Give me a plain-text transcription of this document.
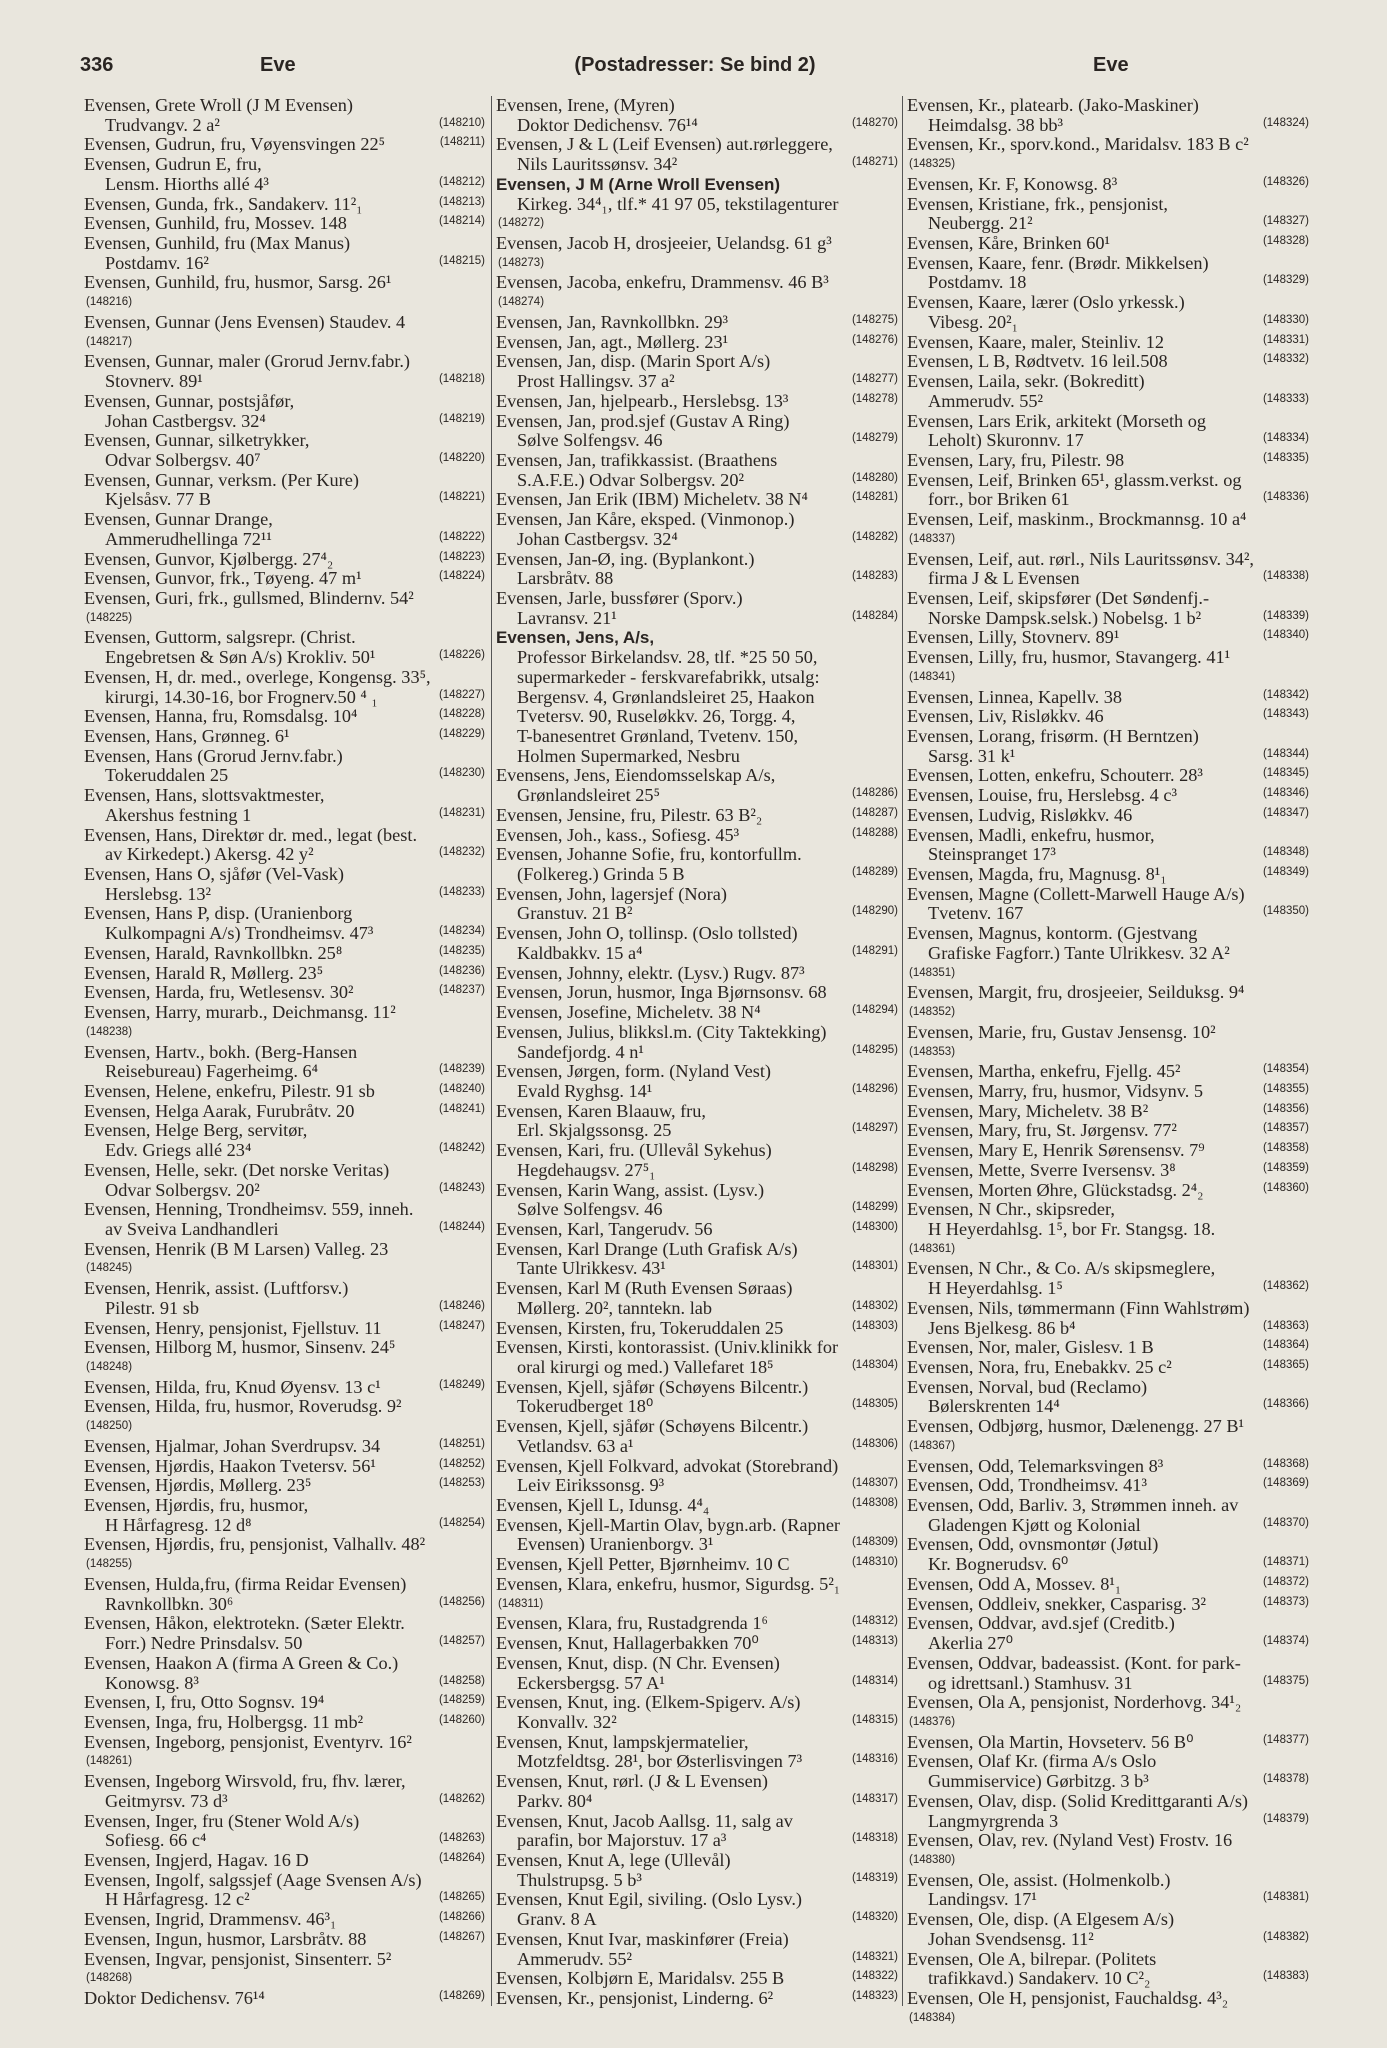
336	Eve	(Postadresser: Se bind 2)	Eve
Evensen, Grete Wroll (J M Evensen)
Trudvangv. 2 a²	(148210)
Evensen, Gudrun, fru, Vøyensvingen 22⁵	(148211)
Evensen, Gudrun E, fru,
Lensm. Hiorths allé 4³	(148212)
Evensen, Gunda, frk., Sandakerv. 11²₁	(148213)
Evensen, Gunhild, fru, Mossev. 148	(148214)
Evensen, Gunhild, fru (Max Manus)
Postdamv. 16²	(148215)
Evensen, Gunhild, fru, husmor, Sarsg. 26¹
(148216)
Evensen, Gunnar (Jens Evensen) Staudev. 4
(148217)
Evensen, Gunnar, maler (Grorud Jernv.fabr.)
Stovnerv. 89¹	(148218)
Evensen, Gunnar, postsjåfør,
Johan Castbergsv. 32⁴	(148219)
Evensen, Gunnar, silketrykker,
Odvar Solbergsv. 40⁷	(148220)
Evensen, Gunnar, verksm. (Per Kure)
Kjelsåsv. 77 B	(148221)
Evensen, Gunnar Drange,
Ammerudhellinga 72¹¹	(148222)
Evensen, Gunvor, Kjølbergg. 27⁴₂	(148223)
Evensen, Gunvor, frk., Tøyeng. 47 m¹	(148224)
Evensen, Guri, frk., gullsmed, Blindernv. 54²
(148225)
Evensen, Guttorm, salgsrepr. (Christ.
Engebretsen & Søn A/s) Krokliv. 50¹	(148226)
Evensen, H, dr. med., overlege, Kongensg. 33⁵,
kirurgi, 14.30-16, bor Frognerv.50 ⁴ ₁	(148227)
Evensen, Hanna, fru, Romsdalsg. 10⁴	(148228)
Evensen, Hans, Grønneg. 6¹	(148229)
Evensen, Hans (Grorud Jernv.fabr.)
Tokeruddalen 25	(148230)
Evensen, Hans, slottsvaktmester,
Akershus festning 1	(148231)
Evensen, Hans, Direktør dr. med., legat (best.
av Kirkedept.) Akersg. 42 y²	(148232)
Evensen, Hans O, sjåfør (Vel-Vask)
Herslebsg. 13²	(148233)
Evensen, Hans P, disp. (Uranienborg
Kulkompagni A/s) Trondheimsv. 47³	(148234)
Evensen, Harald, Ravnkollbkn. 25⁸	(148235)
Evensen, Harald R, Møllerg. 23⁵	(148236)
Evensen, Harda, fru, Wetlesensv. 30²	(148237)
Evensen, Harry, murarb., Deichmansg. 11²
(148238)
Evensen, Hartv., bokh. (Berg-Hansen
Reisebureau) Fagerheimg. 6⁴	(148239)
Evensen, Helene, enkefru, Pilestr. 91 sb	(148240)
Evensen, Helga Aarak, Furubråtv. 20	(148241)
Evensen, Helge Berg, servitør,
Edv. Griegs allé 23⁴	(148242)
Evensen, Helle, sekr. (Det norske Veritas)
Odvar Solbergsv. 20²	(148243)
Evensen, Henning, Trondheimsv. 559, inneh.
av Sveiva Landhandleri	(148244)
Evensen, Henrik (B M Larsen) Valleg. 23
(148245)
Evensen, Henrik, assist. (Luftforsv.)
Pilestr. 91 sb	(148246)
Evensen, Henry, pensjonist, Fjellstuv. 11	(148247)
Evensen, Hilborg M, husmor, Sinsenv. 24⁵
(148248)
Evensen, Hilda, fru, Knud Øyensv. 13 c¹	(148249)
Evensen, Hilda, fru, husmor, Roverudsg. 9²
(148250)
Evensen, Hjalmar, Johan Sverdrupsv. 34	(148251)
Evensen, Hjørdis, Haakon Tvetersv. 56¹	(148252)
Evensen, Hjørdis, Møllerg. 23⁵	(148253)
Evensen, Hjørdis, fru, husmor,
H Hårfagresg. 12 d⁸	(148254)
Evensen, Hjørdis, fru, pensjonist, Valhallv. 48²
(148255)
Evensen, Hulda,fru, (firma Reidar Evensen)
Ravnkollbkn. 30⁶	(148256)
Evensen, Håkon, elektrotekn. (Sæter Elektr.
Forr.) Nedre Prinsdalsv. 50	(148257)
Evensen, Haakon A (firma A Green & Co.)
Konowsg. 8³	(148258)
Evensen, I, fru, Otto Sognsv. 19⁴	(148259)
Evensen, Inga, fru, Holbergsg. 11 mb²	(148260)
Evensen, Ingeborg, pensjonist, Eventyrv. 16²
(148261)
Evensen, Ingeborg Wirsvold, fru, fhv. lærer,
Geitmyrsv. 73 d³	(148262)
Evensen, Inger, fru (Stener Wold A/s)
Sofiesg. 66 c⁴	(148263)
Evensen, Ingjerd, Hagav. 16 D	(148264)
Evensen, Ingolf, salgssjef (Aage Svensen A/s)
H Hårfagresg. 12 c²	(148265)
Evensen, Ingrid, Drammensv. 46³₁	(148266)
Evensen, Ingun, husmor, Larsbråtv. 88	(148267)
Evensen, Ingvar, pensjonist, Sinsenterr. 5²
(148268)
Doktor Dedichensv. 76¹⁴	(148269)
Evensen, Irene, (Myren)
Doktor Dedichensv. 76¹⁴	(148270)
Evensen, J & L (Leif Evensen) aut.rørleggere,
Nils Lauritssønsv. 34²	(148271)
Evensen, J M (Arne Wroll Evensen)
Kirkeg. 34⁴₁, tlf.* 41 97 05, tekstilagenturer
(148272)
Evensen, Jacob H, drosjeeier, Uelandsg. 61 g³
(148273)
Evensen, Jacoba, enkefru, Drammensv. 46 B³
(148274)
Evensen, Jan, Ravnkollbkn. 29³	(148275)
Evensen, Jan, agt., Møllerg. 23¹	(148276)
Evensen, Jan, disp. (Marin Sport A/s)
Prost Hallingsv. 37 a²	(148277)
Evensen, Jan, hjelpearb., Herslebsg. 13³	(148278)
Evensen, Jan, prod.sjef (Gustav A Ring)
Sølve Solfengsv. 46	(148279)
Evensen, Jan, trafikkassist. (Braathens
S.A.F.E.) Odvar Solbergsv. 20²	(148280)
Evensen, Jan Erik (IBM) Micheletv. 38 N⁴	(148281)
Evensen, Jan Kåre, eksped. (Vinmonop.)
Johan Castbergsv. 32⁴	(148282)
Evensen, Jan-Ø, ing. (Byplankont.)
Larsbråtv. 88	(148283)
Evensen, Jarle, bussfører (Sporv.)
Lavransv. 21¹	(148284)
Evensen, Jens, A/s,
Professor Birkelandsv. 28, tlf. *25 50 50,
supermarkeder - ferskvarefabrikk, utsalg:
Bergensv. 4, Grønlandsleiret 25, Haakon
Tvetersv. 90, Ruseløkkv. 26, Torgg. 4,
T-banesentret Grønland, Tvetenv. 150,
Holmen Supermarked, Nesbru
Evensens, Jens, Eiendomsselskap A/s,
Grønlandsleiret 25⁵	(148286)
Evensen, Jensine, fru, Pilestr. 63 B²₂	(148287)
Evensen, Joh., kass., Sofiesg. 45³	(148288)
Evensen, Johanne Sofie, fru, kontorfullm.
(Folkereg.) Grinda 5 B	(148289)
Evensen, John, lagersjef (Nora)
Granstuv. 21 B²	(148290)
Evensen, John O, tollinsp. (Oslo tollsted)
Kaldbakkv. 15 a⁴	(148291)
Evensen, Johnny, elektr. (Lysv.) Rugv. 87³
Evensen, Jorun, husmor, Inga Bjørnsonsv. 68
Evensen, Josefine, Micheletv. 38 N⁴	(148294)
Evensen, Julius, blikksl.m. (City Taktekking)
Sandefjordg. 4 n¹	(148295)
Evensen, Jørgen, form. (Nyland Vest)
Evald Ryghsg. 14¹	(148296)
Evensen, Karen Blaauw, fru,
Erl. Skjalgssonsg. 25	(148297)
Evensen, Kari, fru. (Ullevål Sykehus)
Hegdehaugsv. 27⁵₁	(148298)
Evensen, Karin Wang, assist. (Lysv.)
Sølve Solfengsv. 46	(148299)
Evensen, Karl, Tangerudv. 56	(148300)
Evensen, Karl Drange (Luth Grafisk A/s)
Tante Ulrikkesv. 43¹	(148301)
Evensen, Karl M (Ruth Evensen Søraas)
Møllerg. 20², tanntekn. lab	(148302)
Evensen, Kirsten, fru, Tokeruddalen 25	(148303)
Evensen, Kirsti, kontorassist. (Univ.klinikk for
oral kirurgi og med.) Vallefaret 18⁵	(148304)
Evensen, Kjell, sjåfør (Schøyens Bilcentr.)
Tokerudberget 18⁰	(148305)
Evensen, Kjell, sjåfør (Schøyens Bilcentr.)
Vetlandsv. 63 a¹	(148306)
Evensen, Kjell Folkvard, advokat (Storebrand)
Leiv Eirikssonsg. 9³	(148307)
Evensen, Kjell L, Idunsg. 4⁴₄	(148308)
Evensen, Kjell-Martin Olav, bygn.arb. (Rapner
Evensen) Uranienborgv. 3¹	(148309)
Evensen, Kjell Petter, Bjørnheimv. 10 C	(148310)
Evensen, Klara, enkefru, husmor, Sigurdsg. 5²₁
(148311)
Evensen, Klara, fru, Rustadgrenda 1⁶	(148312)
Evensen, Knut, Hallagerbakken 70⁰	(148313)
Evensen, Knut, disp. (N Chr. Evensen)
Eckersbergsg. 57 A¹	(148314)
Evensen, Knut, ing. (Elkem-Spigerv. A/s)
Konvallv. 32²	(148315)
Evensen, Knut, lampskjermatelier,
Motzfeldtsg. 28¹, bor Østerlisvingen 7³	(148316)
Evensen, Knut, rørl. (J & L Evensen)
Parkv. 80⁴	(148317)
Evensen, Knut, Jacob Aallsg. 11, salg av
parafin, bor Majorstuv. 17 a³	(148318)
Evensen, Knut A, lege (Ullevål)
Thulstrupsg. 5 b³	(148319)
Evensen, Knut Egil, siviling. (Oslo Lysv.)
Granv. 8 A	(148320)
Evensen, Knut Ivar, maskinfører (Freia)
Ammerudv. 55²	(148321)
Evensen, Kolbjørn E, Maridalsv. 255 B	(148322)
Evensen, Kr., pensjonist, Linderng. 6²	(148323)
Evensen, Kr., platearb. (Jako-Maskiner)
Heimdalsg. 38 bb³	(148324)
Evensen, Kr., sporv.kond., Maridalsv. 183 B c²
(148325)
Evensen, Kr. F, Konowsg. 8³	(148326)
Evensen, Kristiane, frk., pensjonist,
Neubergg. 21²	(148327)
Evensen, Kåre, Brinken 60¹	(148328)
Evensen, Kaare, fenr. (Brødr. Mikkelsen)
Postdamv. 18	(148329)
Evensen, Kaare, lærer (Oslo yrkessk.)
Vibesg. 20²₁	(148330)
Evensen, Kaare, maler, Steinliv. 12	(148331)
Evensen, L B, Rødtvetv. 16 leil.508	(148332)
Evensen, Laila, sekr. (Bokreditt)
Ammerudv. 55²	(148333)
Evensen, Lars Erik, arkitekt (Morseth og
Leholt) Skuronnv. 17	(148334)
Evensen, Lary, fru, Pilestr. 98	(148335)
Evensen, Leif, Brinken 65¹, glassm.verkst. og
forr., bor Briken 61	(148336)
Evensen, Leif, maskinm., Brockmannsg. 10 a⁴
(148337)
Evensen, Leif, aut. rørl., Nils Lauritssønsv. 34²,
firma J & L Evensen	(148338)
Evensen, Leif, skipsfører (Det Søndenfj.-
Norske Dampsk.selsk.) Nobelsg. 1 b²	(148339)
Evensen, Lilly, Stovnerv. 89¹	(148340)
Evensen, Lilly, fru, husmor, Stavangerg. 41¹
(148341)
Evensen, Linnea, Kapellv. 38	(148342)
Evensen, Liv, Risløkkv. 46	(148343)
Evensen, Lorang, frisørm. (H Berntzen)
Sarsg. 31 k¹	(148344)
Evensen, Lotten, enkefru, Schouterr. 28³	(148345)
Evensen, Louise, fru, Herslebsg. 4 c³	(148346)
Evensen, Ludvig, Risløkkv. 46	(148347)
Evensen, Madli, enkefru, husmor,
Steinspranget 17³	(148348)
Evensen, Magda, fru, Magnusg. 8¹₁	(148349)
Evensen, Magne (Collett-Marwell Hauge A/s)
Tvetenv. 167	(148350)
Evensen, Magnus, kontorm. (Gjestvang
Grafiske Fagforr.) Tante Ulrikkesv. 32 A²
(148351)
Evensen, Margit, fru, drosjeeier, Seilduksg. 9⁴
(148352)
Evensen, Marie, fru, Gustav Jensensg. 10²
(148353)
Evensen, Martha, enkefru, Fjellg. 45²	(148354)
Evensen, Marry, fru, husmor, Vidsynv. 5	(148355)
Evensen, Mary, Micheletv. 38 B²	(148356)
Evensen, Mary, fru, St. Jørgensv. 77²	(148357)
Evensen, Mary E, Henrik Sørensensv. 7⁹	(148358)
Evensen, Mette, Sverre Iversensv. 3⁸	(148359)
Evensen, Morten Øhre, Glückstadsg. 2⁴₂	(148360)
Evensen, N Chr., skipsreder,
H Heyerdahlsg. 1⁵, bor Fr. Stangsg. 18.
(148361)
Evensen, N Chr., & Co. A/s skipsmeglere,
H Heyerdahlsg. 1⁵	(148362)
Evensen, Nils, tømmermann (Finn Wahlstrøm)
Jens Bjelkesg. 86 b⁴	(148363)
Evensen, Nor, maler, Gislesv. 1 B	(148364)
Evensen, Nora, fru, Enebakkv. 25 c²	(148365)
Evensen, Norval, bud (Reclamo)
Bølerskrenten 14⁴	(148366)
Evensen, Odbjørg, husmor, Dælenengg. 27 B¹
(148367)
Evensen, Odd, Telemarksvingen 8³	(148368)
Evensen, Odd, Trondheimsv. 41³	(148369)
Evensen, Odd, Barliv. 3, Strømmen inneh. av
Gladengen Kjøtt og Kolonial	(148370)
Evensen, Odd, ovnsmontør (Jøtul)
Kr. Bognerudsv. 6⁰	(148371)
Evensen, Odd A, Mossev. 8¹₁	(148372)
Evensen, Oddleiv, snekker, Casparisg. 3²	(148373)
Evensen, Oddvar, avd.sjef (Creditb.)
Akerlia 27⁰	(148374)
Evensen, Oddvar, badeassist. (Kont. for park-
og idrettsanl.) Stamhusv. 31	(148375)
Evensen, Ola A, pensjonist, Norderhovg. 34¹₂
(148376)
Evensen, Ola Martin, Hovseterv. 56 B⁰	(148377)
Evensen, Olaf Kr. (firma A/s Oslo
Gummiservice) Gørbitzg. 3 b³	(148378)
Evensen, Olav, disp. (Solid Kredittgaranti A/s)
Langmyrgrenda 3	(148379)
Evensen, Olav, rev. (Nyland Vest) Frostv. 16
(148380)
Evensen, Ole, assist. (Holmenkolb.)
Landingsv. 17¹	(148381)
Evensen, Ole, disp. (A Elgesem A/s)
Johan Svendsensg. 11²	(148382)
Evensen, Ole A, bilrepar. (Politets
trafikkavd.) Sandakerv. 10 C²₂	(148383)
Evensen, Ole H, pensjonist, Fauchaldsg. 4³₂
(148384)
